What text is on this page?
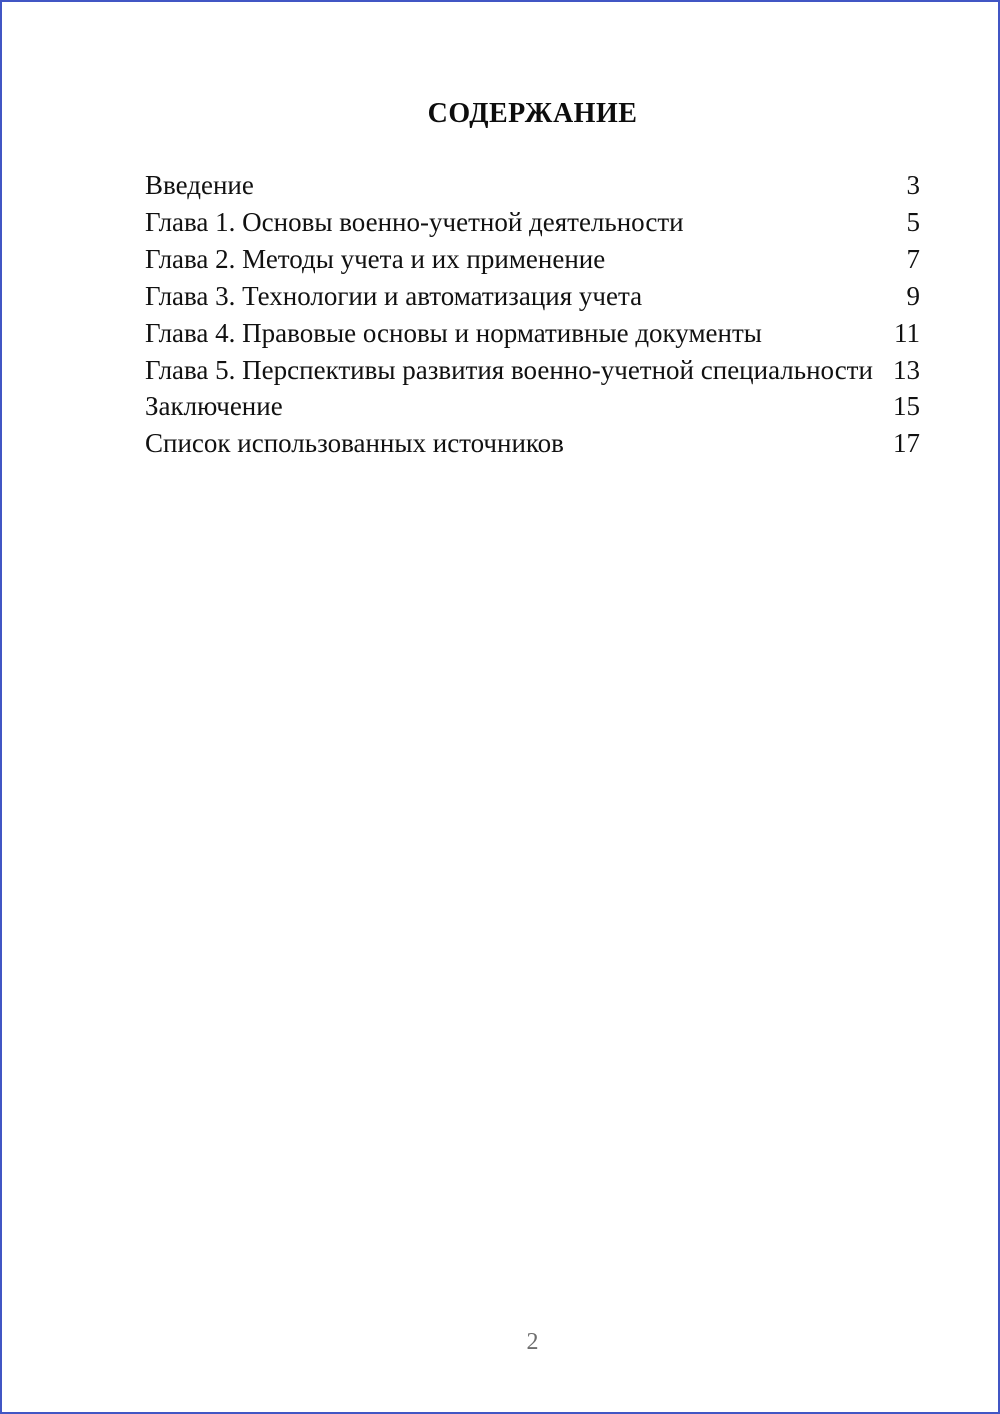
СОДЕРЖАНИЕ
Введение	3
Глава 1. Основы военно-учетной деятельности	5
Глава 2. Методы учета и их применение	7
Глава 3. Технологии и автоматизация учета	9
Глава 4. Правовые основы и нормативные документы	11
Глава 5. Перспективы развития военно-учетной специальности 13
Заключение	15
Список использованных источников	17
2
